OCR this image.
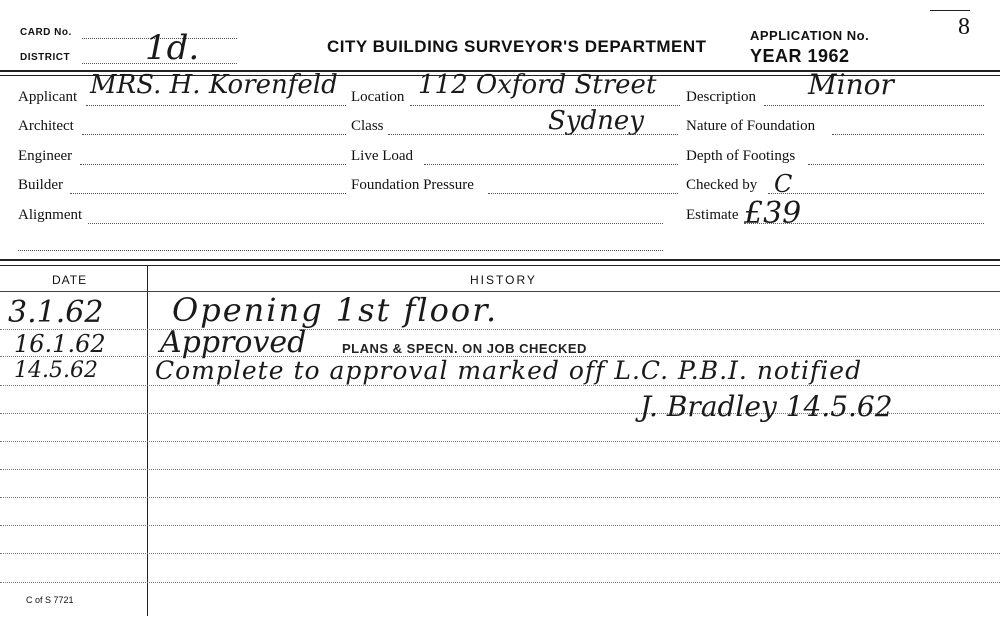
CARD No.
DISTRICT 1d.	CITY BUILDING SURVEYOR'S DEPARTMENT
APPLICATION No.
YEAR 1962
8
Applicant MRS. H. Korenfeld
Architect
Engineer
Builder
Alignment
Location 112 Oxford Street
Sydney
Class
Live Load
Foundation Pressure
Description Minor
Nature of Foundation
Depth of Footings
Checked by C
Estimate £39
DATE	HISTORY
3.1.62 Opening 1st floor.
16.1.62 Approved	PLANS & SPECN. ON JOB CHECKED
14.5.62 Complete to approval marked off L.C. P.B.I. notified
J. Bradley 14.5.62
C of S 7721
